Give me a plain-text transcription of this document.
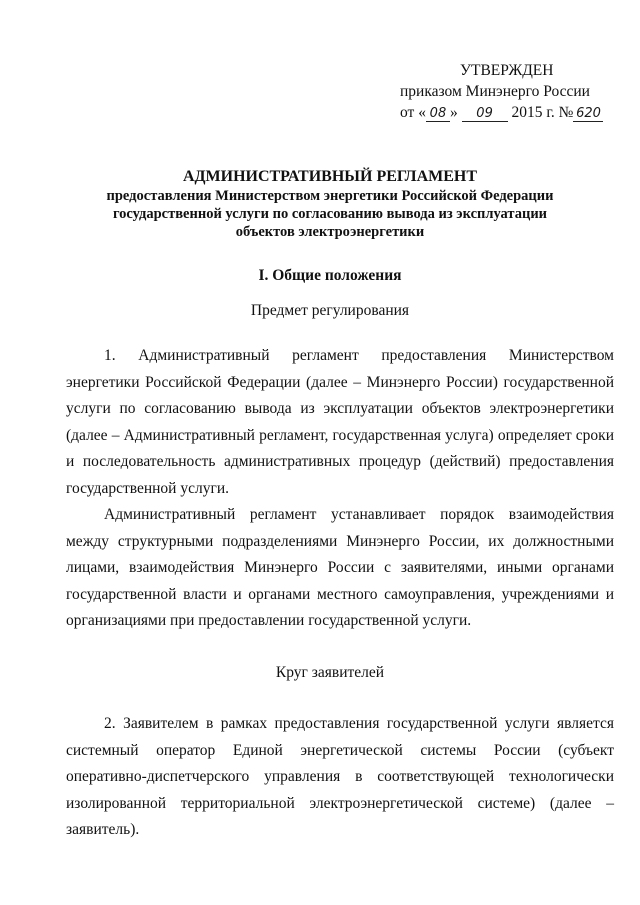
УТВЕРЖДЕН
приказом Минэнерго России
от « 08 » 09 2015 г. № 620
АДМИНИСТРАТИВНЫЙ РЕГЛАМЕНТ
предоставления Министерством энергетики Российской Федерации
государственной услуги по согласованию вывода из эксплуатации
объектов электроэнергетики
I. Общие положения
Предмет регулирования

1. Административный регламент предоставления Министерством энергетики Российской Федерации (далее – Минэнерго России) государственной услуги по согласованию вывода из эксплуатации объектов электроэнергетики (далее – Административный регламент, государственная услуга) определяет сроки и последовательность административных процедур (действий) предоставления государственной услуги.

Административный регламент устанавливает порядок взаимодействия между структурными подразделениями Минэнерго России, их должностными лицами, взаимодействия Минэнерго России с заявителями, иными органами государственной власти и органами местного самоуправления, учреждениями и организациями при предоставлении государственной услуги.

Круг заявителей

2. Заявителем в рамках предоставления государственной услуги является системный оператор Единой энергетической системы России (субъект оперативно-диспетчерского управления в соответствующей технологически изолированной территориальной электроэнергетической системе) (далее – заявитель).
